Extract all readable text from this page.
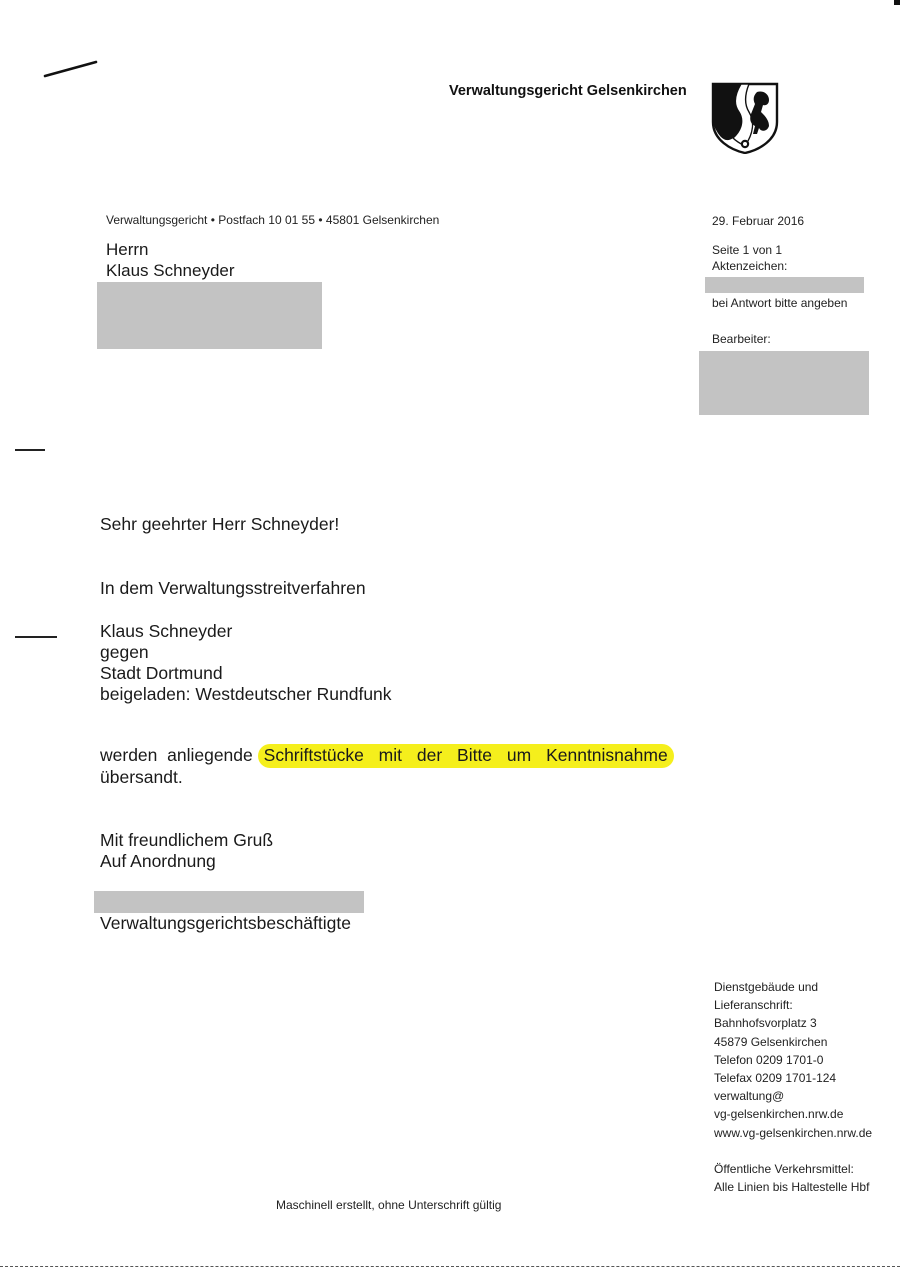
Verwaltungsgericht Gelsenkirchen
Verwaltungsgericht • Postfach 10 01 55 • 45801 Gelsenkirchen
Herrn
Klaus Schneyder
29. Februar 2016
Seite 1 von 1
Aktenzeichen:
bei Antwort bitte angeben
Bearbeiter:
Sehr geehrter Herr Schneyder!
In dem Verwaltungsstreitverfahren
Klaus Schneyder
gegen
Stadt Dortmund
beigeladen: Westdeutscher Rundfunk
werden  anliegende Schriftstücke mit der Bitte um Kenntnisnahme
übersandt.
Mit freundlichem Gruß
Auf Anordnung
Verwaltungsgerichtsbeschäftigte
Dienstgebäude und
Lieferanschrift:
Bahnhofsvorplatz 3
45879 Gelsenkirchen
Telefon 0209 1701-0
Telefax 0209 1701-124
verwaltung@
vg-gelsenkirchen.nrw.de
www.vg-gelsenkirchen.nrw.de
Öffentliche Verkehrsmittel:
Alle Linien bis Haltestelle Hbf
Maschinell erstellt, ohne Unterschrift gültig
